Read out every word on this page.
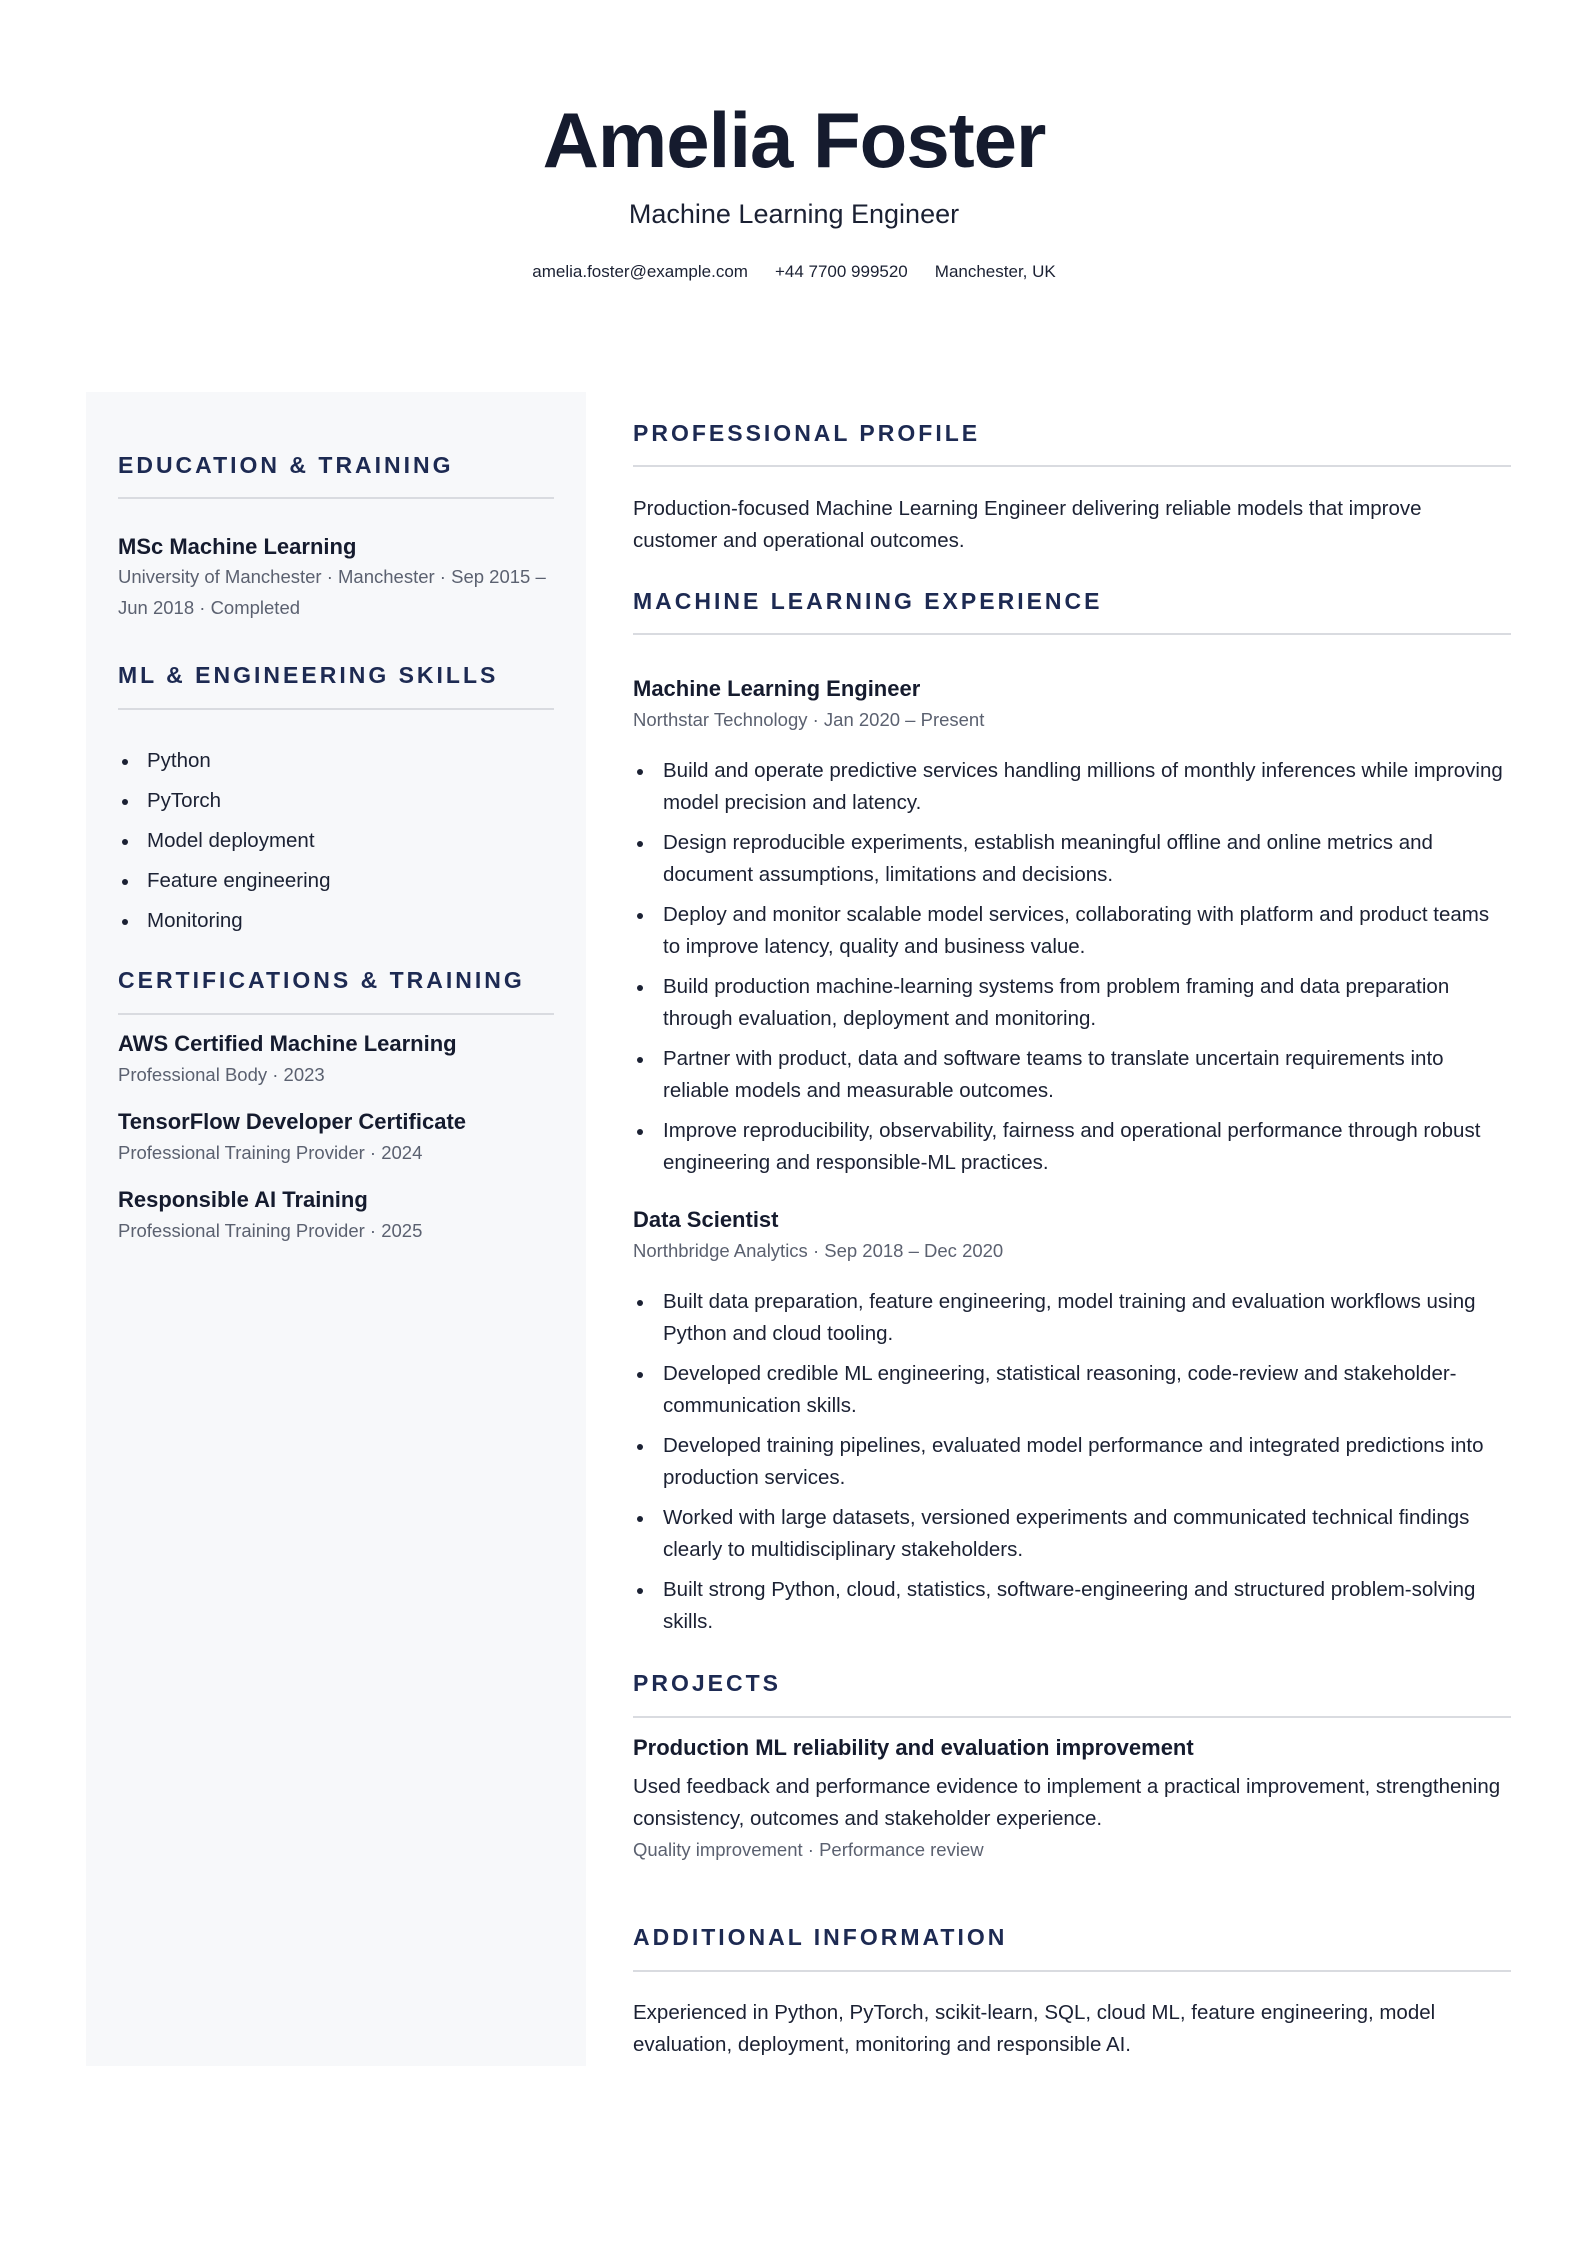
Amelia Foster
Machine Learning Engineer
amelia.foster@example.com +44 7700 999520 Manchester, UK
EDUCATION & TRAINING
MSc Machine Learning
University of Manchester · Manchester · Sep 2015 – Jun 2018 · Completed
ML & ENGINEERING SKILLS
Python
PyTorch
Model deployment
Feature engineering
Monitoring
CERTIFICATIONS & TRAINING
AWS Certified Machine Learning
Professional Body · 2023
TensorFlow Developer Certificate
Professional Training Provider · 2024
Responsible AI Training
Professional Training Provider · 2025
PROFESSIONAL PROFILE
Production-focused Machine Learning Engineer delivering reliable models that improve customer and operational outcomes.
MACHINE LEARNING EXPERIENCE
Machine Learning Engineer
Northstar Technology · Jan 2020 – Present
Build and operate predictive services handling millions of monthly inferences while improving model precision and latency.
Design reproducible experiments, establish meaningful offline and online metrics and document assumptions, limitations and decisions.
Deploy and monitor scalable model services, collaborating with platform and product teams to improve latency, quality and business value.
Build production machine-learning systems from problem framing and data preparation through evaluation, deployment and monitoring.
Partner with product, data and software teams to translate uncertain requirements into reliable models and measurable outcomes.
Improve reproducibility, observability, fairness and operational performance through robust engineering and responsible-ML practices.
Data Scientist
Northbridge Analytics · Sep 2018 – Dec 2020
Built data preparation, feature engineering, model training and evaluation workflows using Python and cloud tooling.
Developed credible ML engineering, statistical reasoning, code-review and stakeholder-communication skills.
Developed training pipelines, evaluated model performance and integrated predictions into production services.
Worked with large datasets, versioned experiments and communicated technical findings clearly to multidisciplinary stakeholders.
Built strong Python, cloud, statistics, software-engineering and structured problem-solving skills.
PROJECTS
Production ML reliability and evaluation improvement
Used feedback and performance evidence to implement a practical improvement, strengthening consistency, outcomes and stakeholder experience.
Quality improvement · Performance review
ADDITIONAL INFORMATION
Experienced in Python, PyTorch, scikit-learn, SQL, cloud ML, feature engineering, model evaluation, deployment, monitoring and responsible AI.
